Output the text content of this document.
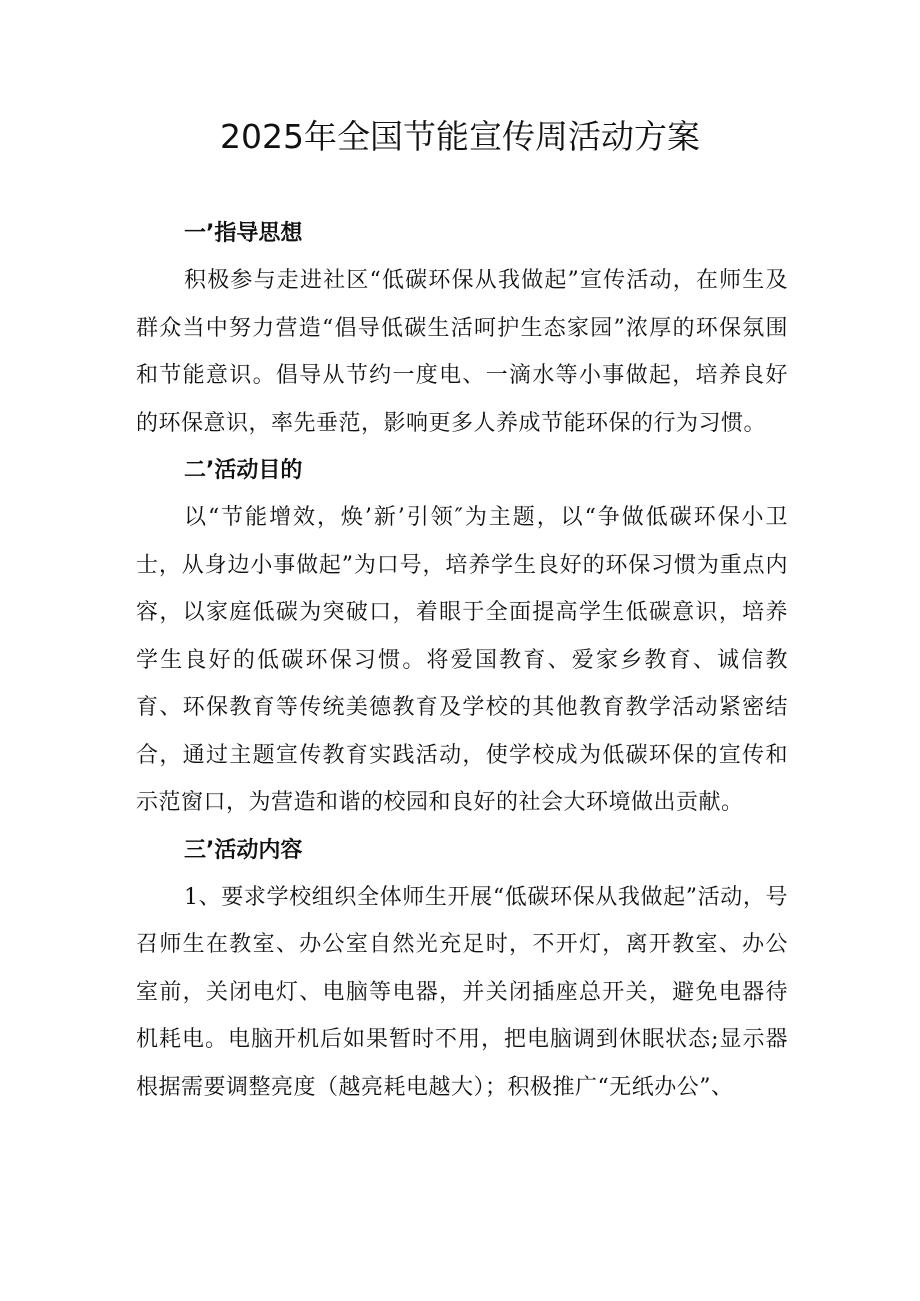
2025年全国节能宣传周活动方案
一’指导思想

积极参与走进社区“低碳环保从我做起”宣传活动，在师生及群众当中努力营造“倡导低碳生活呵护生态家园”浓厚的环保氛围和节能意识。倡导从节约一度电、一滴水等小事做起，培养良好的环保意识，率先垂范，影响更多人养成节能环保的行为习惯。

二’活动目的

以“节能增效，焕’新’引领″为主题，以“争做低碳环保小卫士，从身边小事做起”为口号，培养学生良好的环保习惯为重点内容，以家庭低碳为突破口，着眼于全面提高学生低碳意识，培养学生良好的低碳环保习惯。将爱国教育、爱家乡教育、诚信教育、环保教育等传统美德教育及学校的其他教育教学活动紧密结合，通过主题宣传教育实践活动，使学校成为低碳环保的宣传和示范窗口，为营造和谐的校园和良好的社会大环境做出贡献。

三’活动内容

1、要求学校组织全体师生开展“低碳环保从我做起”活动，号召师生在教室、办公室自然光充足时，不开灯，离开教室、办公室前，关闭电灯、电脑等电器，并关闭插座总开关，避免电器待机耗电。电脑开机后如果暂时不用，把电脑调到休眠状态;显示器根据需要调整亮度（越亮耗电越大）；积极推广“无纸办公”、
